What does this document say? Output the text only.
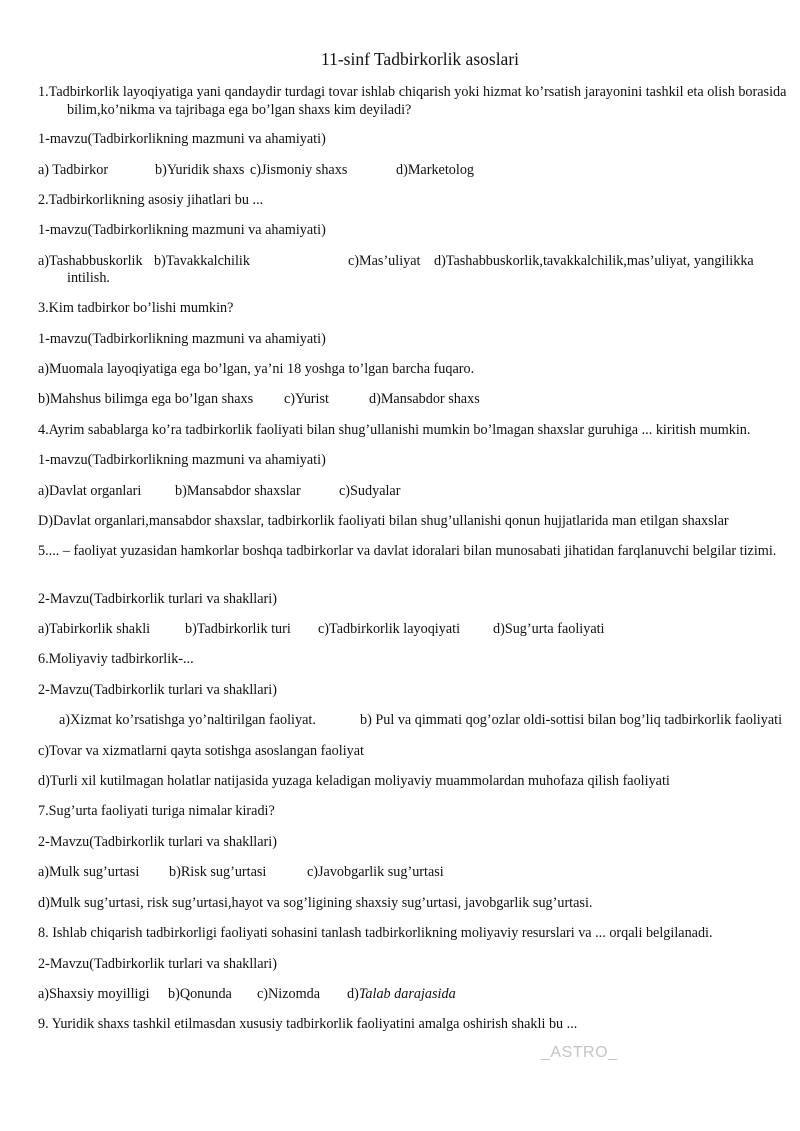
11-sinf Tadbirkorlik asoslari
1.Tadbirkorlik layoqiyatiga yani qandaydir turdagi tovar ishlab chiqarish yoki hizmat ko’rsatish jarayonini tashkil eta olish borasida bilim,ko’nikma va tajribaga ega bo’lgan shaxs kim deyiladi?
1-mavzu(Tadbirkorlikning mazmuni va ahamiyati)
a) Tadbirkor	b)Yuridik shaxs c)Jismoniy shaxs	d)Marketolog
2.Tadbirkorlikning asosiy jihatlari bu ...
1-mavzu(Tadbirkorlikning mazmuni va ahamiyati)
a)Tashabbuskorlik b)Tavakkalchilik	c)Mas’uliyat d)Tashabbuskorlik,tavakkalchilik,mas’uliyat, yangilikka
intilish.
3.Kim tadbirkor bo’lishi mumkin?
1-mavzu(Tadbirkorlikning mazmuni va ahamiyati)
a)Muomala layoqiyatiga ega bo’lgan, ya’ni 18 yoshga to’lgan barcha fuqaro.
b)Mahshus bilimga ega bo’lgan shaxs c)Yurist	d)Mansabdor shaxs
4.Ayrim sabablarga ko’ra tadbirkorlik faoliyati bilan shug’ullanishi mumkin bo’lmagan shaxslar guruhiga ... kiritish mumkin.
1-mavzu(Tadbirkorlikning mazmuni va ahamiyati)
a)Davlat organlari b)Mansabdor shaxslar	c)Sudyalar
D)Davlat organlari,mansabdor shaxslar, tadbirkorlik faoliyati bilan shug’ullanishi qonun hujjatlarida man etilgan shaxslar
5.... – faoliyat yuzasidan hamkorlar boshqa tadbirkorlar va davlat idoralari bilan munosabati jihatidan farqlanuvchi belgilar tizimi.
2-Mavzu(Tadbirkorlik turlari va shakllari)
a)Tabirkorlik shakli b)Tadbirkorlik turi c)Tadbirkorlik layoqiyati d)Sug’urta faoliyati
6.Moliyaviy tadbirkorlik-...
2-Mavzu(Tadbirkorlik turlari va shakllari)
a)Xizmat ko’rsatishga yo’naltirilgan faoliyat.	b) Pul va qimmati qog’ozlar oldi-sottisi bilan bog’liq tadbirkorlik faoliyati
c)Tovar va xizmatlarni qayta sotishga asoslangan faoliyat
d)Turli xil kutilmagan holatlar natijasida yuzaga keladigan moliyaviy muammolardan muhofaza qilish faoliyati
7.Sug’urta faoliyati turiga nimalar kiradi?
2-Mavzu(Tadbirkorlik turlari va shakllari)
a)Mulk sug’urtasi b)Risk sug’urtasi	c)Javobgarlik sug’urtasi
d)Mulk sug’urtasi, risk sug’urtasi,hayot va sog’ligining shaxsiy sug’urtasi, javobgarlik sug’urtasi.
8. Ishlab chiqarish tadbirkorligi faoliyati sohasini tanlash tadbirkorlikning moliyaviy resurslari va ... orqali belgilanadi.
2-Mavzu(Tadbirkorlik turlari va shakllari)
a)Shaxsiy moyilligi b)Qonunda c)Nizomda d)Talab darajasida
9. Yuridik shaxs tashkil etilmasdan xususiy tadbirkorlik faoliyatini amalga oshirish shakli bu ...
_ASTRO_
